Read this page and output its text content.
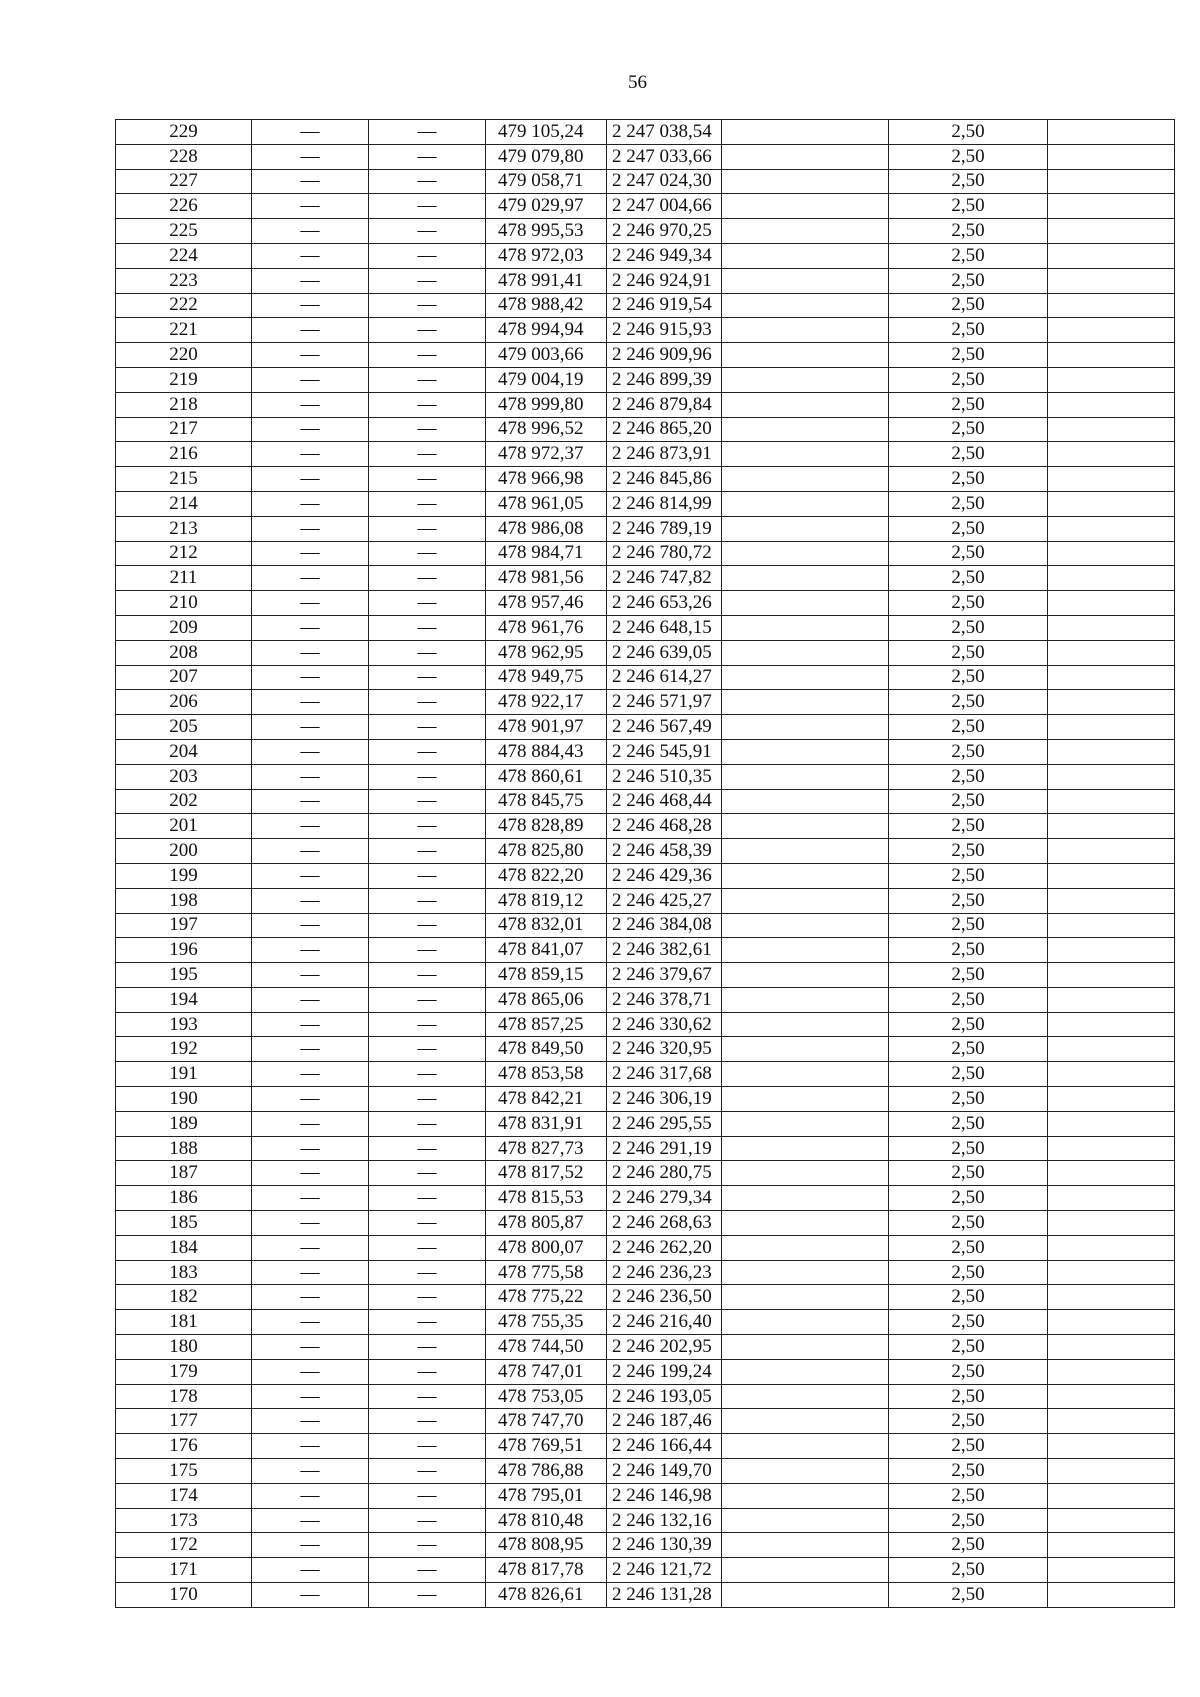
56
229	—	—	479 105,24	2 247 038,54		2,50	
228	—	—	479 079,80	2 247 033,66		2,50	
227	—	—	479 058,71	2 247 024,30		2,50	
226	—	—	479 029,97	2 247 004,66		2,50	
225	—	—	478 995,53	2 246 970,25		2,50	
224	—	—	478 972,03	2 246 949,34		2,50	
223	—	—	478 991,41	2 246 924,91		2,50	
222	—	—	478 988,42	2 246 919,54		2,50	
221	—	—	478 994,94	2 246 915,93		2,50	
220	—	—	479 003,66	2 246 909,96		2,50	
219	—	—	479 004,19	2 246 899,39		2,50	
218	—	—	478 999,80	2 246 879,84		2,50	
217	—	—	478 996,52	2 246 865,20		2,50	
216	—	—	478 972,37	2 246 873,91		2,50	
215	—	—	478 966,98	2 246 845,86		2,50	
214	—	—	478 961,05	2 246 814,99		2,50	
213	—	—	478 986,08	2 246 789,19		2,50	
212	—	—	478 984,71	2 246 780,72		2,50	
211	—	—	478 981,56	2 246 747,82		2,50	
210	—	—	478 957,46	2 246 653,26		2,50	
209	—	—	478 961,76	2 246 648,15		2,50	
208	—	—	478 962,95	2 246 639,05		2,50	
207	—	—	478 949,75	2 246 614,27		2,50	
206	—	—	478 922,17	2 246 571,97		2,50	
205	—	—	478 901,97	2 246 567,49		2,50	
204	—	—	478 884,43	2 246 545,91		2,50	
203	—	—	478 860,61	2 246 510,35		2,50	
202	—	—	478 845,75	2 246 468,44		2,50	
201	—	—	478 828,89	2 246 468,28		2,50	
200	—	—	478 825,80	2 246 458,39		2,50	
199	—	—	478 822,20	2 246 429,36		2,50	
198	—	—	478 819,12	2 246 425,27		2,50	
197	—	—	478 832,01	2 246 384,08		2,50	
196	—	—	478 841,07	2 246 382,61		2,50	
195	—	—	478 859,15	2 246 379,67		2,50	
194	—	—	478 865,06	2 246 378,71		2,50	
193	—	—	478 857,25	2 246 330,62		2,50	
192	—	—	478 849,50	2 246 320,95		2,50	
191	—	—	478 853,58	2 246 317,68		2,50	
190	—	—	478 842,21	2 246 306,19		2,50	
189	—	—	478 831,91	2 246 295,55		2,50	
188	—	—	478 827,73	2 246 291,19		2,50	
187	—	—	478 817,52	2 246 280,75		2,50	
186	—	—	478 815,53	2 246 279,34		2,50	
185	—	—	478 805,87	2 246 268,63		2,50	
184	—	—	478 800,07	2 246 262,20		2,50	
183	—	—	478 775,58	2 246 236,23		2,50	
182	—	—	478 775,22	2 246 236,50		2,50	
181	—	—	478 755,35	2 246 216,40		2,50	
180	—	—	478 744,50	2 246 202,95		2,50	
179	—	—	478 747,01	2 246 199,24		2,50	
178	—	—	478 753,05	2 246 193,05		2,50	
177	—	—	478 747,70	2 246 187,46		2,50	
176	—	—	478 769,51	2 246 166,44		2,50	
175	—	—	478 786,88	2 246 149,70		2,50	
174	—	—	478 795,01	2 246 146,98		2,50	
173	—	—	478 810,48	2 246 132,16		2,50	
172	—	—	478 808,95	2 246 130,39		2,50	
171	—	—	478 817,78	2 246 121,72		2,50	
170	—	—	478 826,61	2 246 131,28		2,50	
